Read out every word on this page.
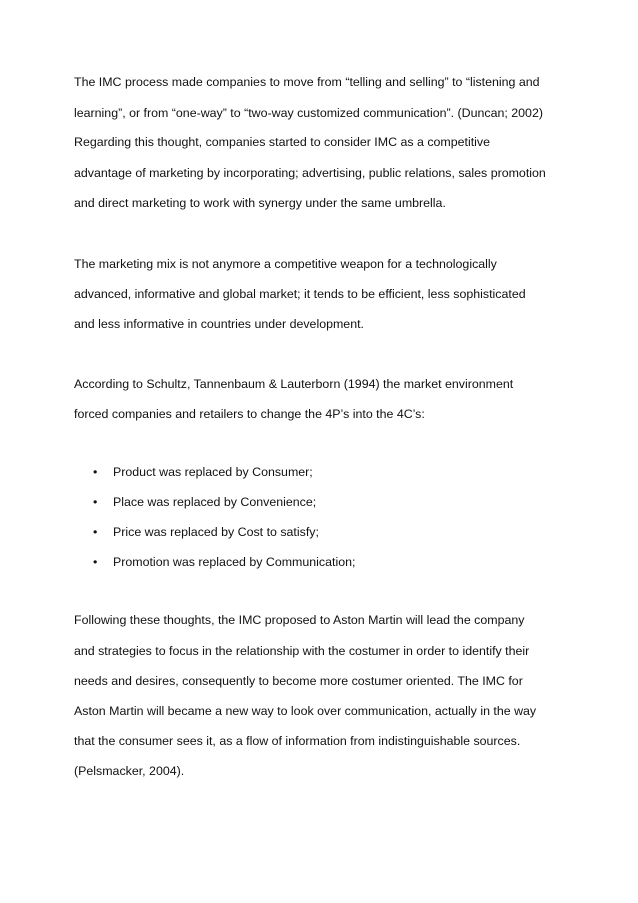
The IMC process made companies to move from “telling and selling” to “listening and
learning”, or from “one-way” to “two-way customized communication”. (Duncan; 2002)
Regarding this thought, companies started to consider IMC as a competitive
advantage of marketing by incorporating; advertising, public relations, sales promotion
and direct marketing to work with synergy under the same umbrella.
The marketing mix is not anymore a competitive weapon for a technologically
advanced, informative and global market; it tends to be efficient, less sophisticated
and less informative in countries under development.
According to Schultz, Tannenbaum & Lauterborn (1994) the market environment
forced companies and retailers to change the 4P’s into the 4C’s:
• Product was replaced by Consumer;
• Place was replaced by Convenience;
• Price was replaced by Cost to satisfy;
• Promotion was replaced by Communication;
Following these thoughts, the IMC proposed to Aston Martin will lead the company
and strategies to focus in the relationship with the costumer in order to identify their
needs and desires, consequently to become more costumer oriented. The IMC for
Aston Martin will became a new way to look over communication, actually in the way
that the consumer sees it, as a flow of information from indistinguishable sources.
(Pelsmacker, 2004).
